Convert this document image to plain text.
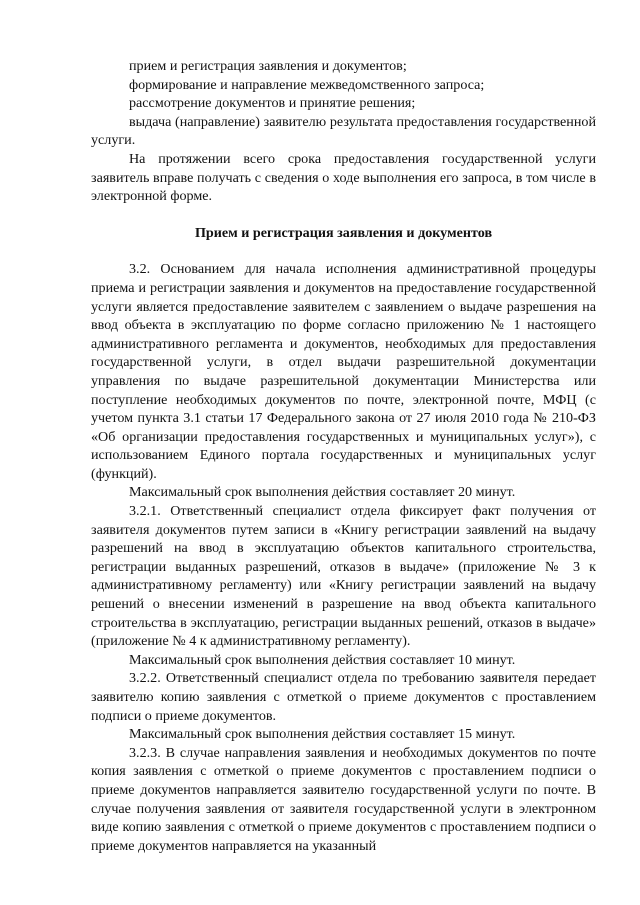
прием и регистрация заявления и документов;

формирование и направление межведомственного запроса;

рассмотрение документов и принятие решения;

выдача (направление) заявителю результата предоставления государственной услуги.

На протяжении всего срока предоставления государственной услуги заявитель вправе получать с сведения о ходе выполнения его запроса, в том числе в электронной форме.

Прием и регистрация заявления и документов

3.2. Основанием для начала исполнения административной процедуры приема и регистрации заявления и документов на предоставление государственной услуги является предоставление заявителем с заявлением о выдаче разрешения на ввод объекта в эксплуатацию по форме согласно приложению № 1 настоящего административного регламента и документов, необходимых для предоставления государственной услуги, в отдел выдачи разрешительной документации управления по выдаче разрешительной документации Министерства или поступление необходимых документов по почте, электронной почте, МФЦ (с учетом пункта 3.1 статьи 17 Федерального закона от 27 июля 2010 года № 210-ФЗ «Об организации предоставления государственных и муниципальных услуг»), с использованием Единого портала государственных и муниципальных услуг (функций).

Максимальный срок выполнения действия составляет 20 минут.

3.2.1. Ответственный специалист отдела фиксирует факт получения от заявителя документов путем записи в «Книгу регистрации заявлений на выдачу разрешений на ввод в эксплуатацию объектов капитального строительства, регистрации выданных разрешений, отказов в выдаче» (приложение № 3 к административному регламенту) или «Книгу регистрации заявлений на выдачу решений о внесении изменений в разрешение на ввод объекта капитального строительства в эксплуатацию, регистрации выданных решений, отказов в выдаче» (приложение № 4 к административному регламенту).

Максимальный срок выполнения действия составляет 10 минут.

3.2.2. Ответственный специалист отдела по требованию заявителя передает заявителю копию заявления с отметкой о приеме документов с проставлением подписи о приеме документов.

Максимальный срок выполнения действия составляет 15 минут.

3.2.3. В случае направления заявления и необходимых документов по почте копия заявления с отметкой о приеме документов с проставлением подписи о приеме документов направляется заявителю государственной услуги по почте. В случае получения заявления от заявителя государственной услуги в электронном виде копию заявления с отметкой о приеме документов с проставлением подписи о приеме документов направляется на указанный
